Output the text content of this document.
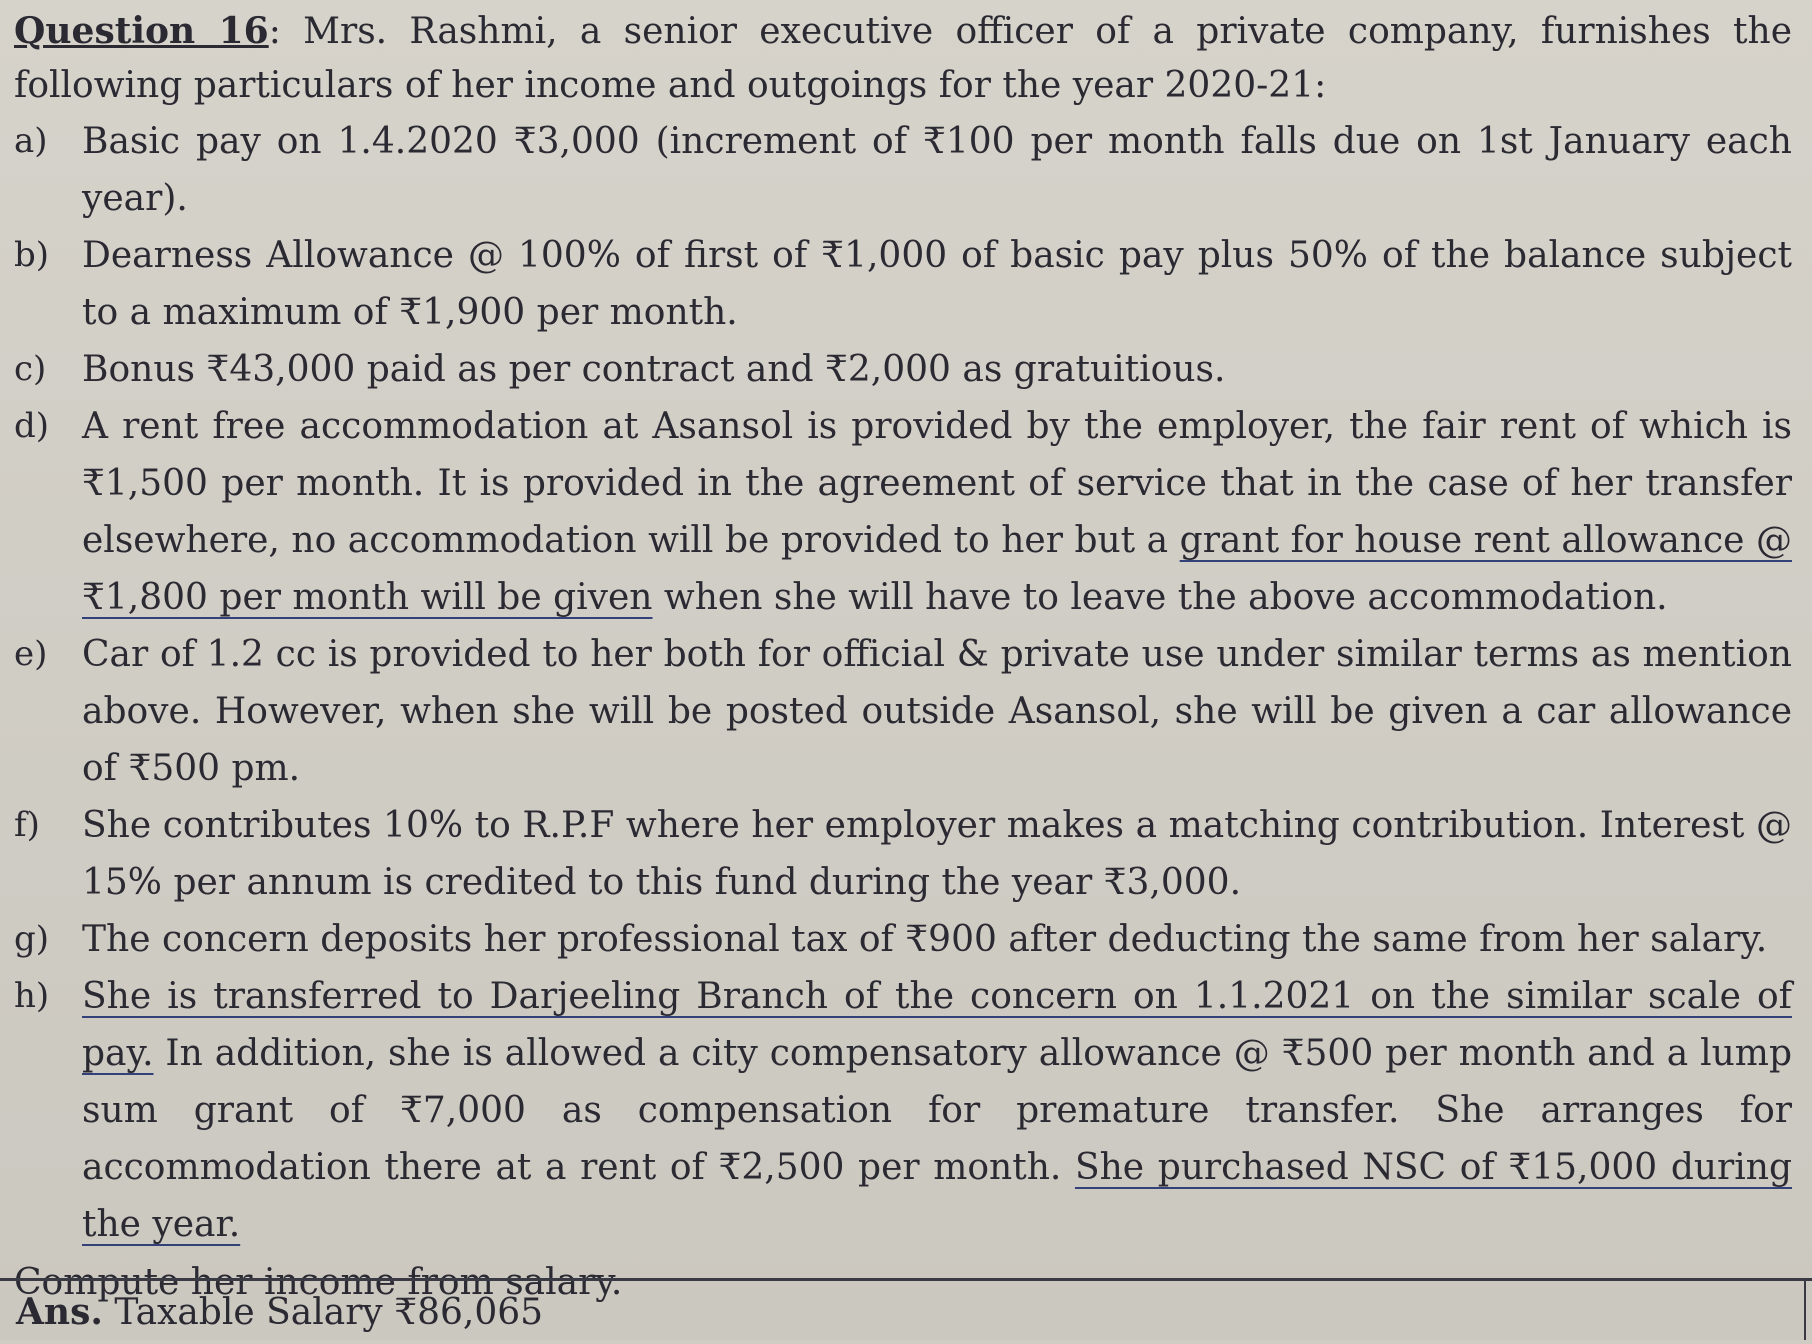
Question 16: Mrs. Rashmi, a senior executive officer of a private company, furnishes the following particulars of her income and outgoings for the year 2020-21:

a) Basic pay on 1.4.2020 ₹3,000 (increment of ₹100 per month falls due on 1st January each year).
b) Dearness Allowance @ 100% of first of ₹1,000 of basic pay plus 50% of the balance subject to a maximum of ₹1,900 per month.
c) Bonus ₹43,000 paid as per contract and ₹2,000 as gratuitious.
d) A rent free accommodation at Asansol is provided by the employer, the fair rent of which is ₹1,500 per month. It is provided in the agreement of service that in the case of her transfer elsewhere, no accommodation will be provided to her but a grant for house rent allowance @ ₹1,800 per month will be given when she will have to leave the above accommodation.
e) Car of 1.2 cc is provided to her both for official & private use under similar terms as mention above. However, when she will be posted outside Asansol, she will be given a car allowance of ₹500 pm.
f)	She contributes 10% to R.P.F where her employer makes a matching contribution. Interest @ 15% per annum is credited to this fund during the year ₹3,000.
g) The concern deposits her professional tax of ₹900 after deducting the same from her salary.
h) She is transferred to Darjeeling Branch of the concern on 1.1.2021 on the similar scale of pay. In addition, she is allowed a city compensatory allowance @ ₹500 per month and a lump sum grant of ₹7,000 as compensation for premature transfer. She arranges for accommodation there at a rent of ₹2,500 per month. She purchased NSC of ₹15,000 during the year.

Compute her income from salary.

Ans. Taxable Salary ₹86,065
